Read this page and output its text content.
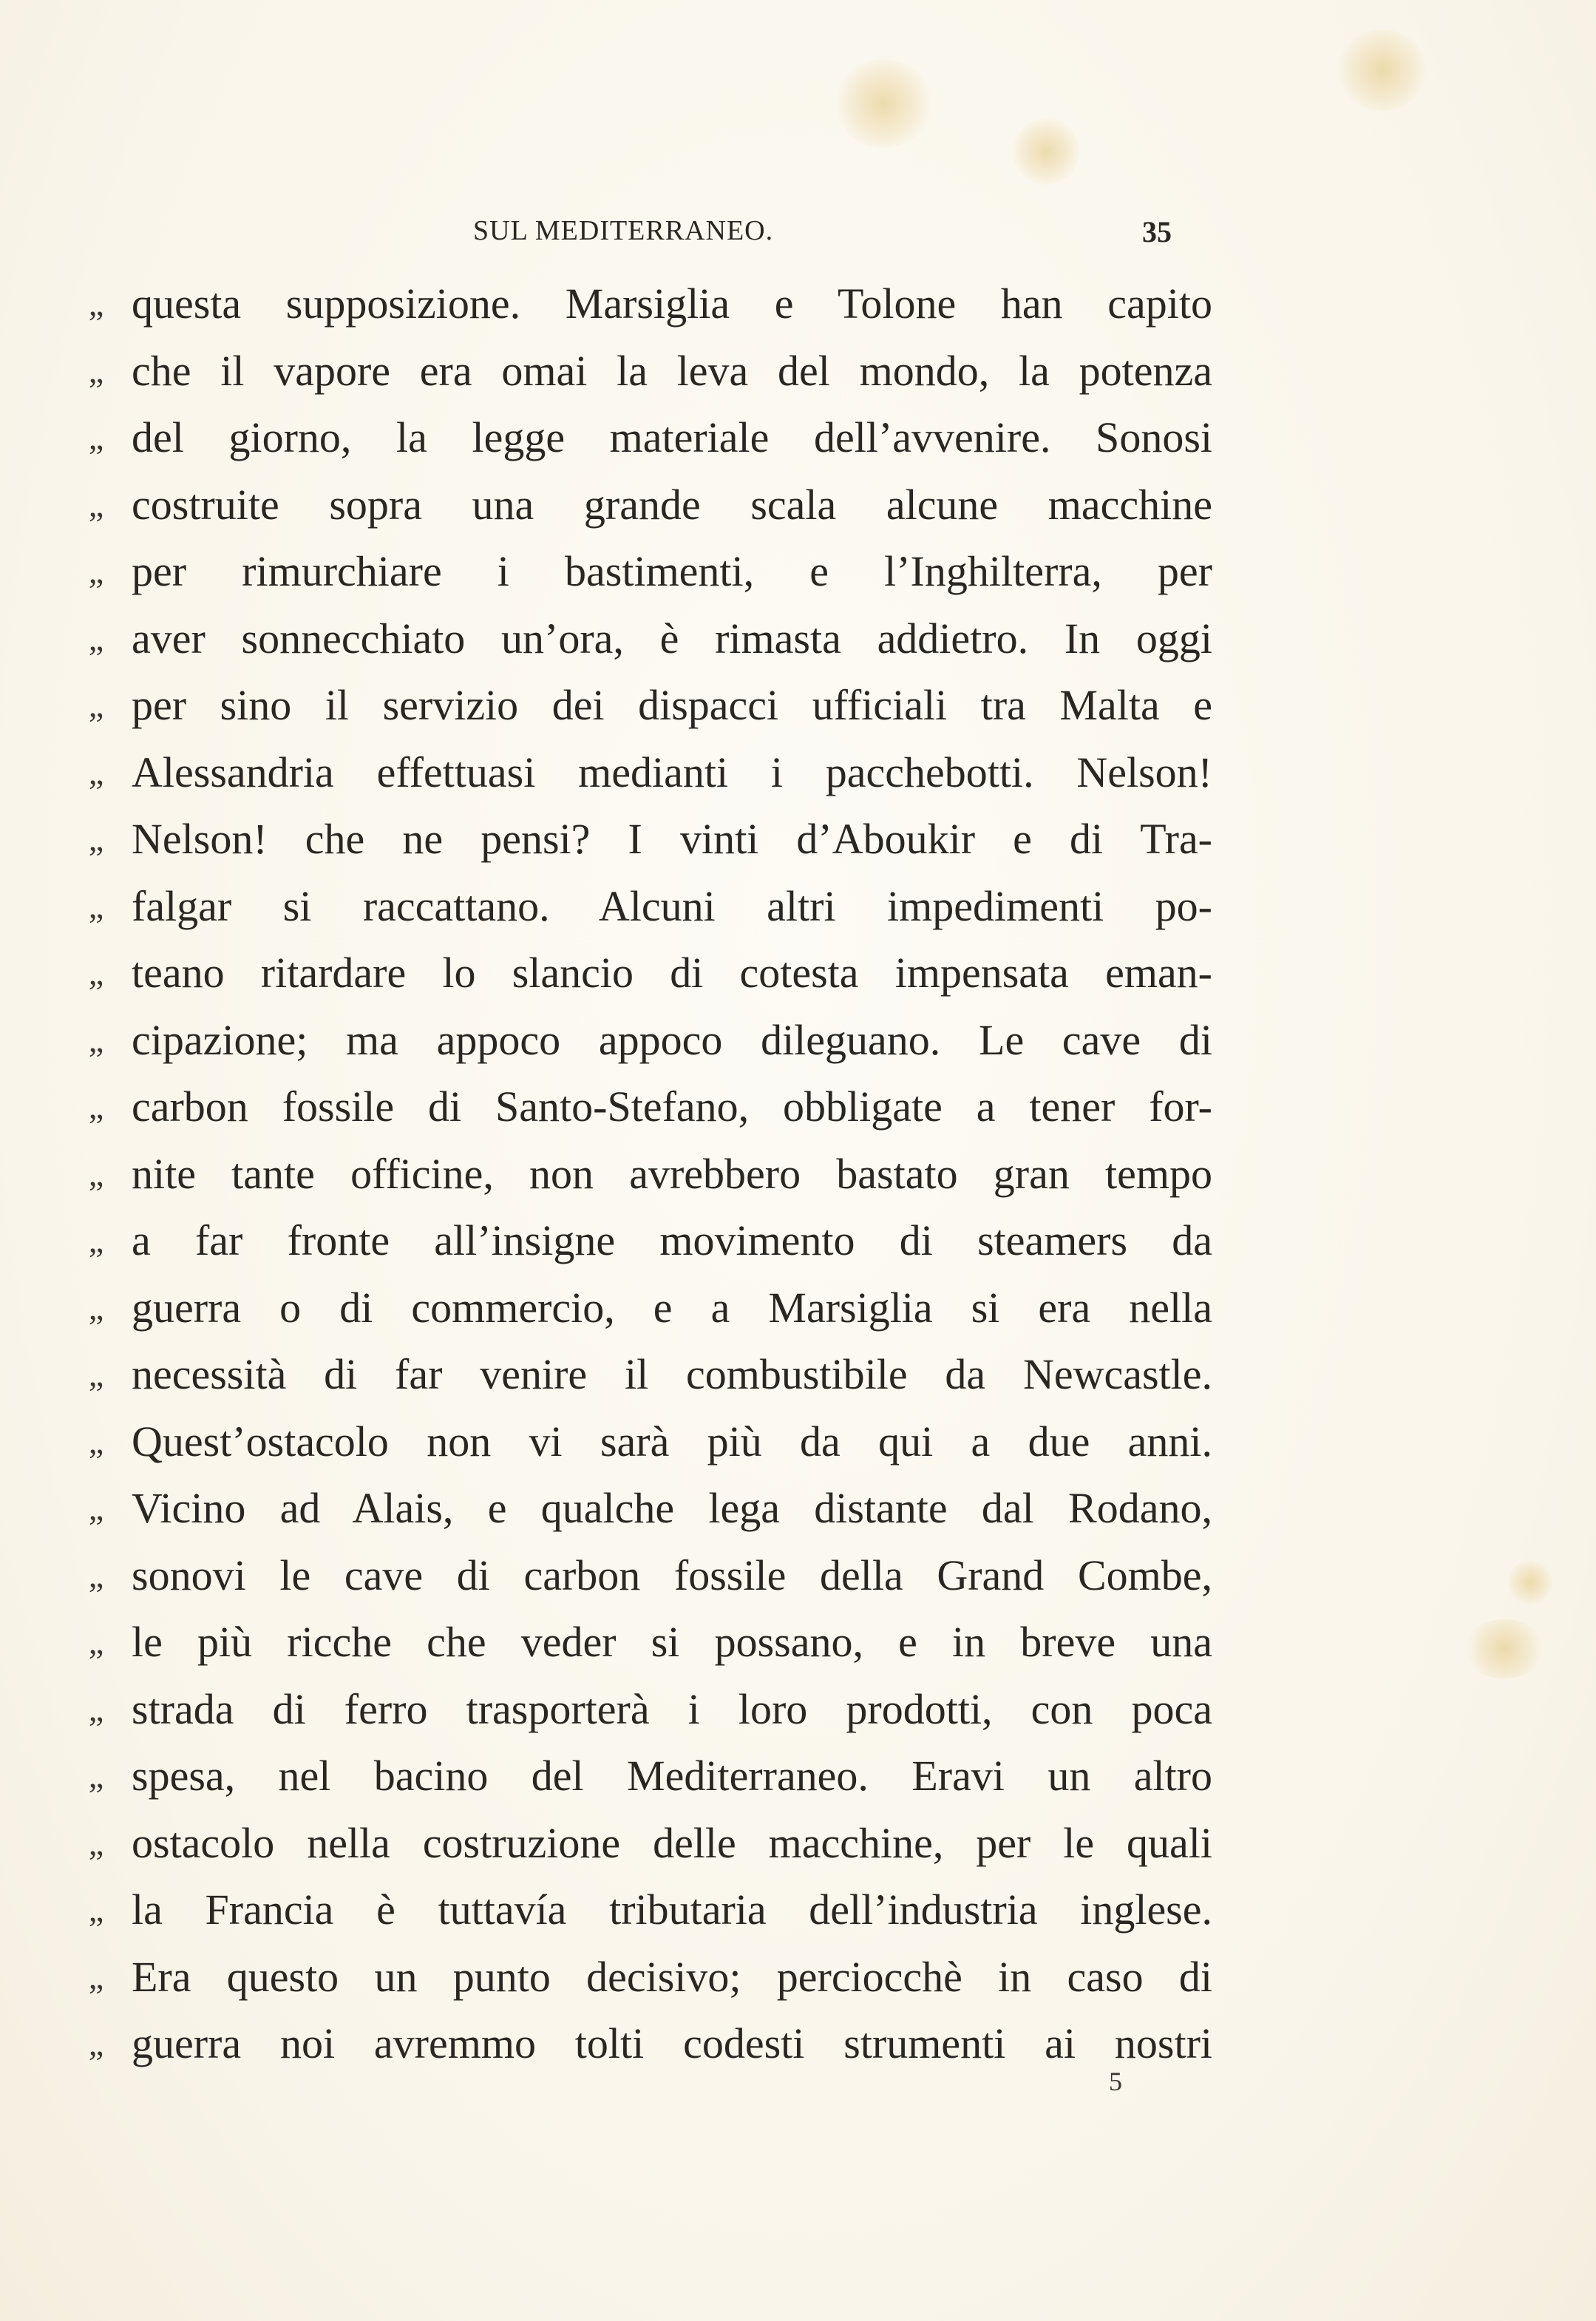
SUL MEDITERRANEO.	35
,, questa supposizione. Marsiglia e Tolone han capito
,, che il vapore era omai la leva del mondo, la potenza
,, del giorno, la legge materiale dell’avvenire. Sonosi
,, costruite sopra una grande scala alcune macchine
,, per rimurchiare i bastimenti, e l’Inghilterra, per
,, aver sonnecchiato un’ora, è rimasta addietro. In oggi
,, per sino il servizio dei dispacci ufficiali tra Malta e
,, Alessandria effettuasi medianti i pacchebotti. Nelson!
,, Nelson! che ne pensi? I vinti d’Aboukir e di Tra-
,, falgar si raccattano. Alcuni altri impedimenti po-
,, teano ritardare lo slancio di cotesta impensata eman-
,, cipazione; ma appoco appoco dileguano. Le cave di
,, carbon fossile di Santo-Stefano, obbligate a tener for-
,, nite tante officine, non avrebbero bastato gran tempo
,, a far fronte all’insigne movimento di steamers da
,, guerra o di commercio, e a Marsiglia si era nella
,, necessità di far venire il combustibile da Newcastle.
,, Quest’ostacolo non vi sarà più da qui a due anni.
,, Vicino ad Alais, e qualche lega distante dal Rodano,
,, sonovi le cave di carbon fossile della Grand Combe,
,, le più ricche che veder si possano, e in breve una
,, strada di ferro trasporterà i loro prodotti, con poca
,, spesa, nel bacino del Mediterraneo. Eravi un altro
,, ostacolo nella costruzione delle macchine, per le quali
,, la Francia è tuttavía tributaria dell’industria inglese.
,, Era questo un punto decisivo; perciocchè in caso di
,, guerra noi avremmo tolti codesti strumenti ai nostri
5
